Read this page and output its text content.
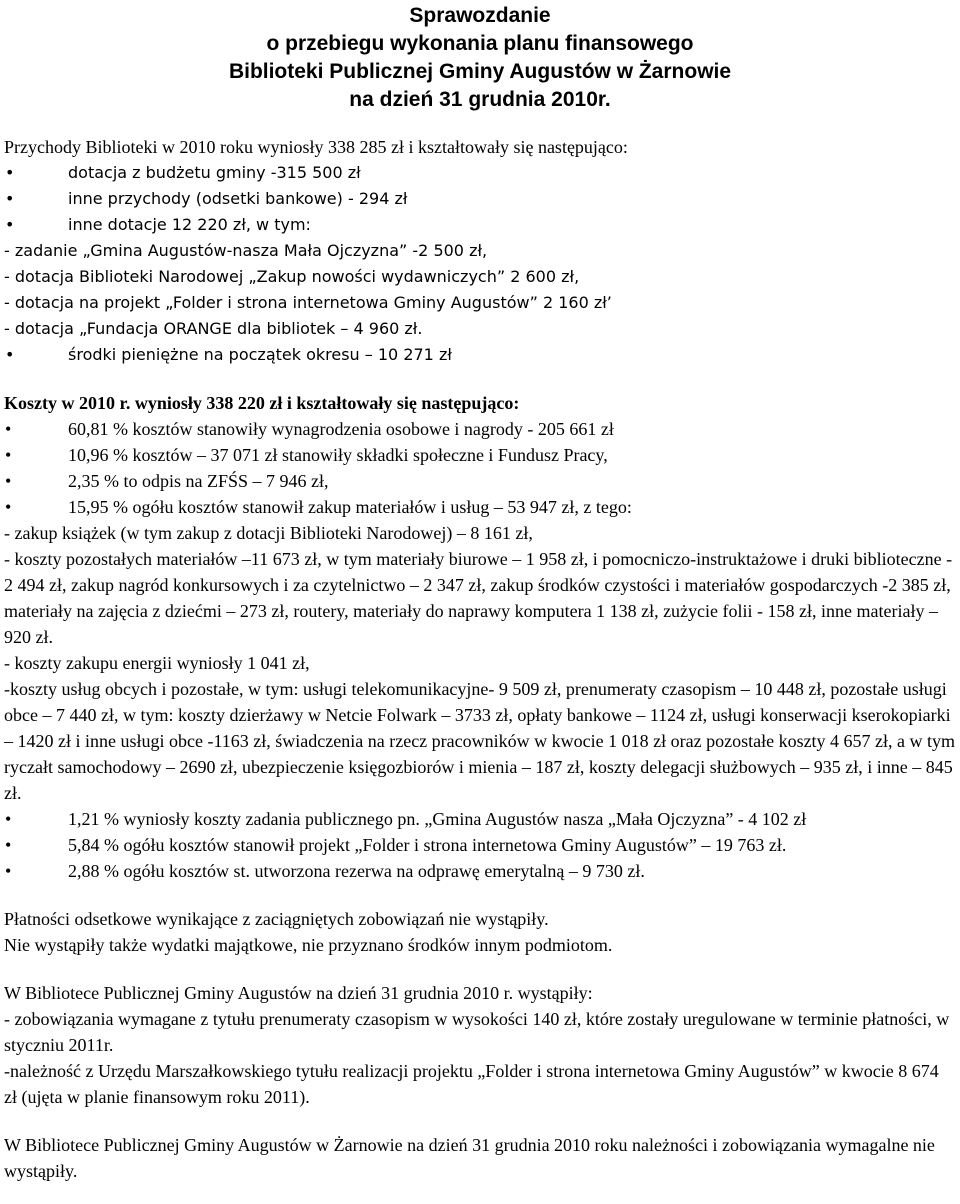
Sprawozdanie

o przebiegu wykonania planu finansowego

Biblioteki Publicznej Gminy Augustów w Żarnowie

na dzień 31 grudnia 2010r.

Przychody Biblioteki w 2010 roku wyniosły 338 285 zł i kształtowały się następująco:

•	dotacja z budżetu gminy -315 500 zł
•	inne przychody (odsetki bankowe) - 294 zł
•	inne dotacje 12 220 zł, w tym:

- zadanie „Gmina Augustów-nasza Mała Ojczyzna” -2 500 zł,

- dotacja Biblioteki Narodowej „Zakup nowości wydawniczych” 2 600 zł,

- dotacja na projekt „Folder i strona internetowa Gminy Augustów” 2 160 zł’

- dotacja „Fundacja ORANGE dla bibliotek – 4 960 zł.

•	środki pieniężne na początek okresu – 10 271 zł

Koszty w 2010 r. wyniosły 338 220 zł i kształtowały się następująco:

•	60,81 % kosztów stanowiły wynagrodzenia osobowe i nagrody - 205 661 zł
•	10,96 % kosztów – 37 071 zł stanowiły składki społeczne i Fundusz Pracy,
•	2,35 % to odpis na ZFŚS – 7 946 zł,
•	15,95 % ogółu kosztów stanowił zakup materiałów i usług – 53 947 zł, z tego:

- zakup książek (w tym zakup z dotacji Biblioteki Narodowej) – 8 161 zł,

- koszty pozostałych materiałów –11 673 zł, w tym materiały biurowe – 1 958 zł, i pomocniczo-instruktażowe i druki biblioteczne - 2 494 zł, zakup nagród konkursowych i za czytelnictwo – 2 347 zł, zakup środków czystości i materiałów gospodarczych -2 385 zł, materiały na zajęcia z dziećmi – 273 zł, routery, materiały do naprawy komputera 1 138 zł, zużycie folii - 158 zł, inne materiały – 920 zł.

- koszty zakupu energii wyniosły 1 041 zł,

-koszty usług obcych i pozostałe, w tym: usługi telekomunikacyjne- 9 509 zł, prenumeraty czasopism – 10 448 zł, pozostałe usługi obce – 7 440 zł, w tym: koszty dzierżawy w Netcie Folwark – 3733 zł, opłaty bankowe – 1124 zł, usługi konserwacji kserokopiarki – 1420 zł i inne usługi obce -1163 zł, świadczenia na rzecz pracowników w kwocie 1 018 zł oraz pozostałe koszty 4 657 zł, a w tym ryczałt samochodowy – 2690 zł, ubezpieczenie księgozbiorów i mienia – 187 zł, koszty delegacji służbowych – 935 zł, i inne – 845 zł.

•	1,21 % wyniosły koszty zadania publicznego pn. „Gmina Augustów nasza „Mała Ojczyzna” - 4 102 zł
•	5,84 % ogółu kosztów stanowił projekt „Folder i strona internetowa Gminy Augustów” – 19 763 zł.
•	2,88 % ogółu kosztów st. utworzona rezerwa na odprawę emerytalną – 9 730 zł.

Płatności odsetkowe wynikające z zaciągniętych zobowiązań nie wystąpiły.

Nie wystąpiły także wydatki majątkowe, nie przyznano środków innym podmiotom.

W Bibliotece Publicznej Gminy Augustów na dzień 31 grudnia 2010 r. wystąpiły:

- zobowiązania wymagane z tytułu prenumeraty czasopism w wysokości 140 zł, które zostały uregulowane w terminie płatności, w styczniu 2011r.

-należność z Urzędu Marszałkowskiego tytułu realizacji projektu „Folder i strona internetowa Gminy Augustów” w kwocie 8 674 zł (ujęta w planie finansowym roku 2011).

W Bibliotece Publicznej Gminy Augustów w Żarnowie na dzień 31 grudnia 2010 roku należności i zobowiązania wymagalne nie wystąpiły.
